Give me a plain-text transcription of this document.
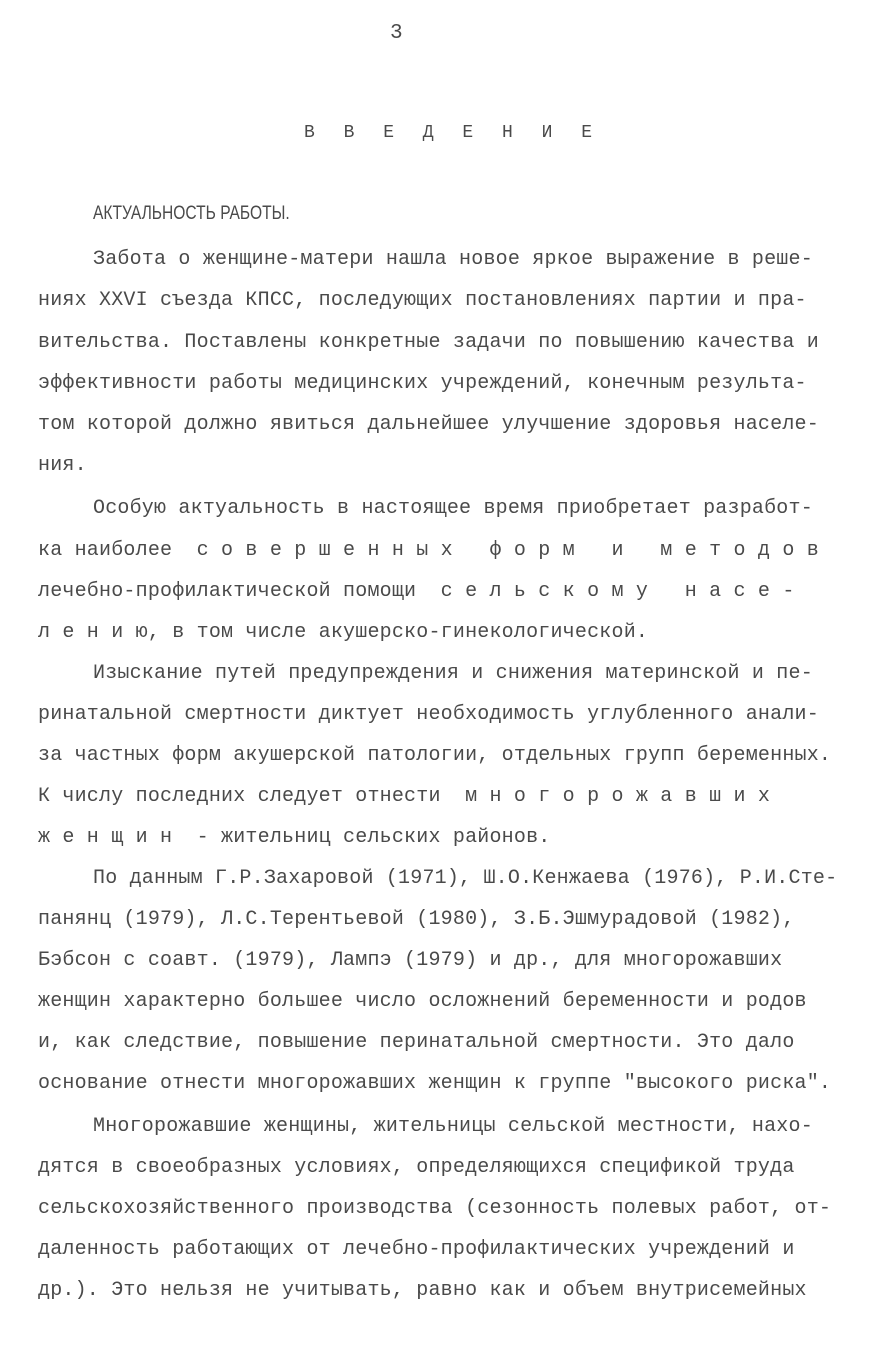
3
В В Е Д Е Н И Е
АКТУАЛЬНОСТЬ РАБОТЫ.
Забота о женщине-матери нашла новое яркое выражение в реше-
ниях XXVI съезда КПСС, последующих постановлениях партии и пра-
вительства. Поставлены конкретные задачи по повышению качества и
эффективности работы медицинских учреждений, конечным результа-
том которой должно явиться дальнейшее улучшение здоровья населе-
ния.
Особую актуальность в настоящее время приобретает разработ-
ка наиболее  с о в е р ш е н н ы х   ф о р м   и   м е т о д о в
лечебно-профилактической помощи  с е л ь с к о м у   н а с е -
л е н и ю, в том числе акушерско-гинекологической.
Изыскание путей предупреждения и снижения материнской и пе-
ринатальной смертности диктует необходимость углубленного анали-
за частных форм акушерской патологии, отдельных групп беременных.
К числу последних следует отнести  м н о г о р о ж а в ш и х
ж е н щ и н  - жительниц сельских районов.
По данным Г.Р.Захаровой (1971), Ш.О.Кенжаева (1976), Р.И.Сте-
панянц (1979), Л.С.Терентьевой (1980), З.Б.Эшмурадовой (1982),
Бэбсон с соавт. (1979), Лампэ (1979) и др., для многорожавших
женщин характерно большее число осложнений беременности и родов
и, как следствие, повышение перинатальной смертности. Это дало
основание отнести многорожавших женщин к группе "высокого риска".
Многорожавшие женщины, жительницы сельской местности, нахо-
дятся в своеобразных условиях, определяющихся спецификой труда
сельскохозяйственного производства (сезонность полевых работ, от-
даленность работающих от лечебно-профилактических учреждений и
др.). Это нельзя не учитывать, равно как и объем внутрисемейных
